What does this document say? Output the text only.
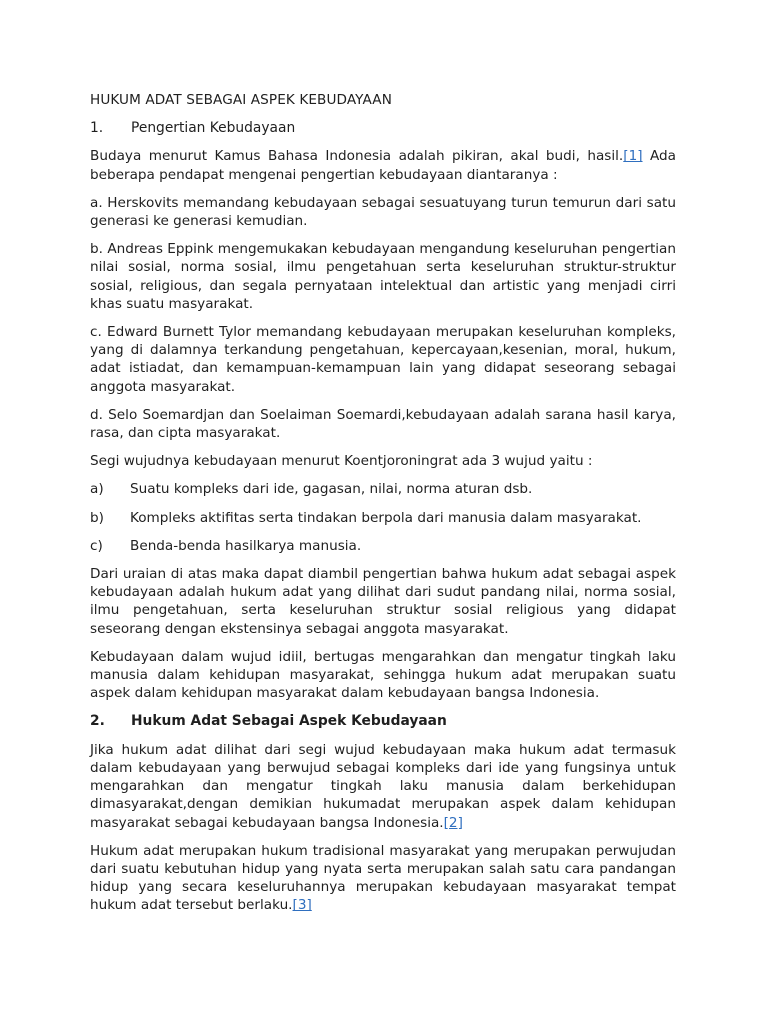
HUKUM ADAT SEBAGAI ASPEK KEBUDAYAAN
1.	Pengertian Kebudayaan

Budaya menurut Kamus Bahasa Indonesia adalah pikiran, akal budi, hasil.[1] Ada beberapa pendapat mengenai pengertian kebudayaan diantaranya :

a. Herskovits memandang kebudayaan sebagai sesuatuyang turun temurun dari satu generasi ke generasi kemudian.

b. Andreas Eppink mengemukakan kebudayaan mengandung keseluruhan pengertian nilai sosial, norma sosial, ilmu pengetahuan serta keseluruhan struktur-struktur sosial, religious, dan segala pernyataan intelektual dan artistic yang menjadi cirri khas suatu masyarakat.

c. Edward Burnett Tylor memandang kebudayaan merupakan keseluruhan kompleks, yang di dalamnya terkandung pengetahuan, kepercayaan,kesenian, moral, hukum, adat istiadat, dan kemampuan-kemampuan lain yang didapat seseorang sebagai anggota masyarakat.

d. Selo Soemardjan dan Soelaiman Soemardi,kebudayaan adalah sarana hasil karya, rasa, dan cipta masyarakat.

Segi wujudnya kebudayaan menurut Koentjoroningrat ada 3 wujud yaitu :

a)	Suatu kompleks dari ide, gagasan, nilai, norma aturan dsb.
b)	Kompleks aktifitas serta tindakan berpola dari manusia dalam masyarakat.
c)	Benda-benda hasilkarya manusia.

Dari uraian di atas maka dapat diambil pengertian bahwa hukum adat sebagai aspek kebudayaan adalah hukum adat yang dilihat dari sudut pandang nilai, norma sosial, ilmu pengetahuan, serta keseluruhan struktur sosial religious yang didapat seseorang dengan ekstensinya sebagai anggota masyarakat.

Kebudayaan dalam wujud idiil, bertugas mengarahkan dan mengatur tingkah laku manusia dalam kehidupan masyarakat, sehingga hukum adat merupakan suatu aspek dalam kehidupan masyarakat dalam kebudayaan bangsa Indonesia.

2.	Hukum Adat Sebagai Aspek Kebudayaan

Jika hukum adat dilihat dari segi wujud kebudayaan maka hukum adat termasuk dalam kebudayaan yang berwujud sebagai kompleks dari ide yang fungsinya untuk mengarahkan dan mengatur tingkah laku manusia dalam berkehidupan dimasyarakat,dengan demikian hukumadat merupakan aspek dalam kehidupan masyarakat sebagai kebudayaan bangsa Indonesia.[2]

Hukum adat merupakan hukum tradisional masyarakat yang merupakan perwujudan dari suatu kebutuhan hidup yang nyata serta merupakan salah satu cara pandangan hidup yang secara keseluruhannya merupakan kebudayaan masyarakat tempat hukum adat tersebut berlaku.[3]
